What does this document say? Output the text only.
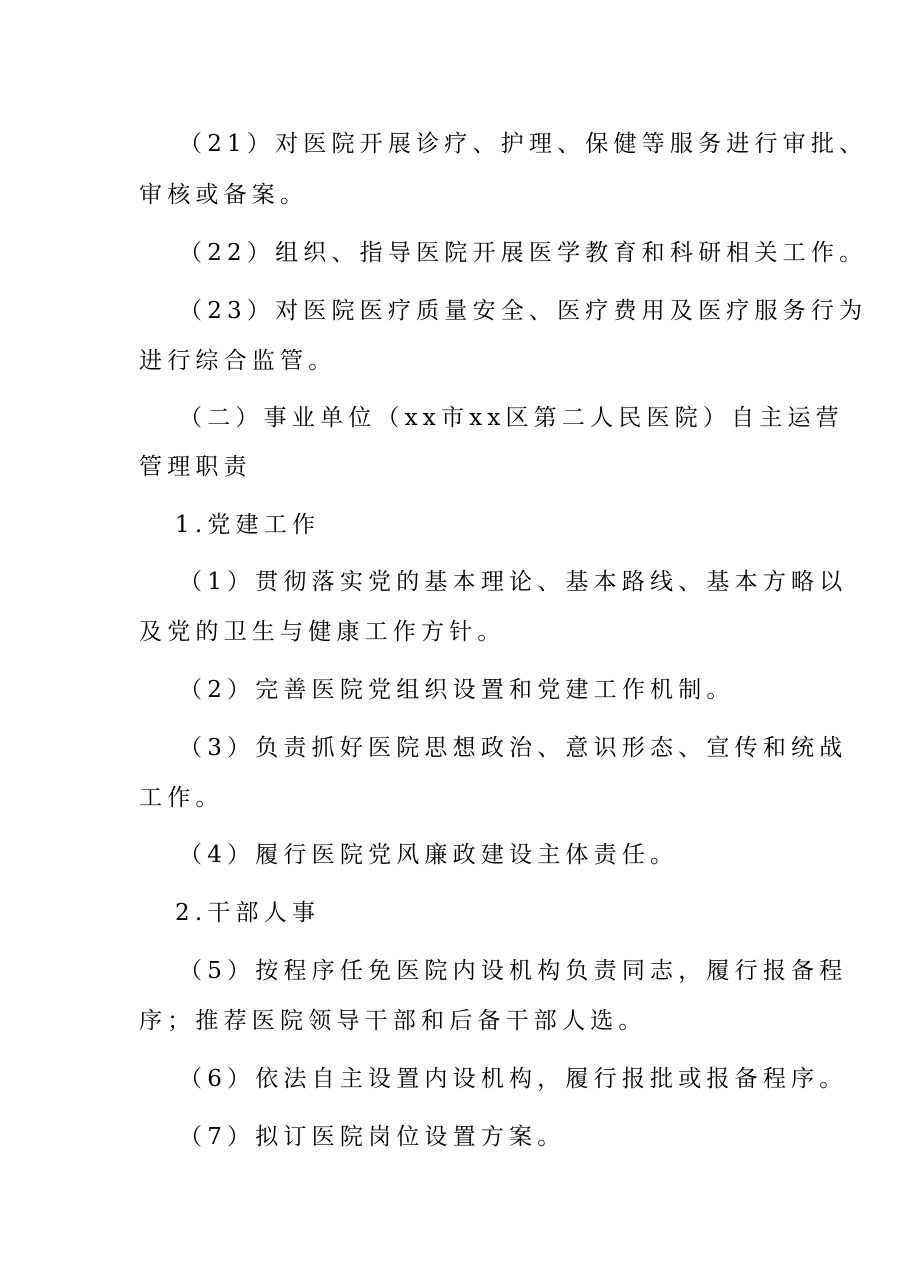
（21）对医院开展诊疗、护理、保健等服务进行审批、
审核或备案。
（22）组织、指导医院开展医学教育和科研相关工作。
（23）对医院医疗质量安全、医疗费用及医疗服务行为
进行综合监管。
（二）事业单位（xx市xx区第二人民医院）自主运营
管理职责
1.党建工作
（1）贯彻落实党的基本理论、基本路线、基本方略以
及党的卫生与健康工作方针。
（2）完善医院党组织设置和党建工作机制。
（3）负责抓好医院思想政治、意识形态、宣传和统战
工作。
（4）履行医院党风廉政建设主体责任。
2.干部人事
（5）按程序任免医院内设机构负责同志，履行报备程
序；推荐医院领导干部和后备干部人选。
（6）依法自主设置内设机构，履行报批或报备程序。
（7）拟订医院岗位设置方案。
